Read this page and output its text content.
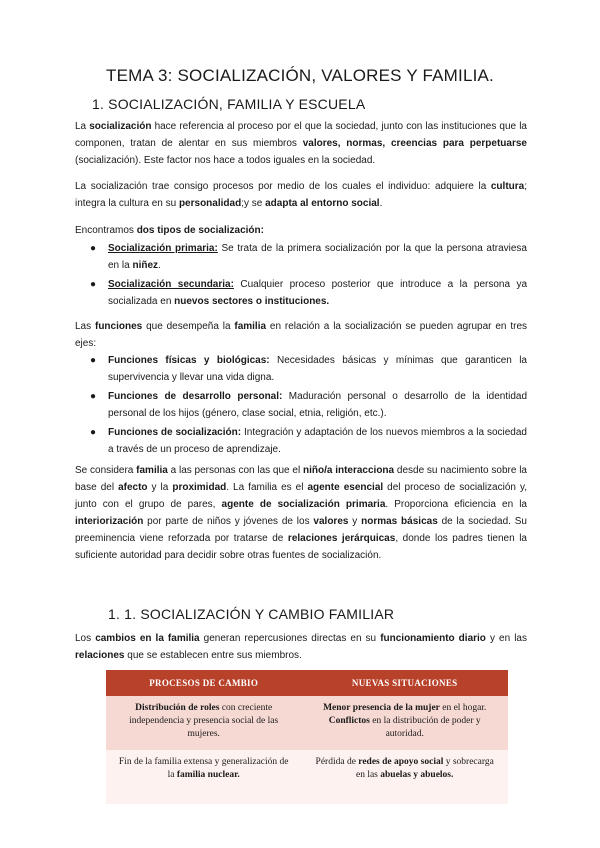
TEMA 3: SOCIALIZACIÓN, VALORES Y FAMILIA.
1. SOCIALIZACIÓN, FAMILIA Y ESCUELA

La socialización hace referencia al proceso por el que la sociedad, junto con las instituciones que la componen, tratan de alentar en sus miembros valores, normas, creencias para perpetuarse (socialización). Este factor nos hace a todos iguales en la sociedad.

La socialización trae consigo procesos por medio de los cuales el individuo: adquiere la cultura; integra la cultura en su personalidad;y se adapta al entorno social.

Encontramos dos tipos de socialización:

● Socialización primaria: Se trata de la primera socialización por la que la persona atraviesa en la niñez.
● Socialización secundaria: Cualquier proceso posterior que introduce a la persona ya socializada en nuevos sectores o instituciones.

Las funciones que desempeña la familia en relación a la socialización se pueden agrupar en tres ejes:

● Funciones físicas y biológicas: Necesidades básicas y mínimas que garanticen la supervivencia y llevar una vida digna.
● Funciones de desarrollo personal: Maduración personal o desarrollo de la identidad personal de los hijos (género, clase social, etnia, religión, etc.).
● Funciones de socialización: Integración y adaptación de los nuevos miembros a la sociedad a través de un proceso de aprendizaje.

Se considera familia a las personas con las que el niño/a interacciona desde su nacimiento sobre la base del afecto y la proximidad. La familia es el agente esencial del proceso de socialización y, junto con el grupo de pares, agente de socialización primaria. Proporciona eficiencia en la interiorización por parte de niños y jóvenes de los valores y normas básicas de la sociedad. Su preeminencia viene reforzada por tratarse de relaciones jerárquicas, donde los padres tienen la suficiente autoridad para decidir sobre otras fuentes de socialización.

1. 1. SOCIALIZACIÓN Y CAMBIO FAMILIAR

Los cambios en la familia generan repercusiones directas en su funcionamiento diario y en las relaciones que se establecen entre sus miembros.

PROCESOS DE CAMBIO	NUEVAS SITUACIONES
Distribución de roles con creciente independencia y presencia social de las mujeres.	Menor presencia de la mujer en el hogar. Conflictos en la distribución de poder y autoridad.
Fin de la familia extensa y generalización de la familia nuclear.	Pérdida de redes de apoyo social y sobrecarga en las abuelas y abuelos.
